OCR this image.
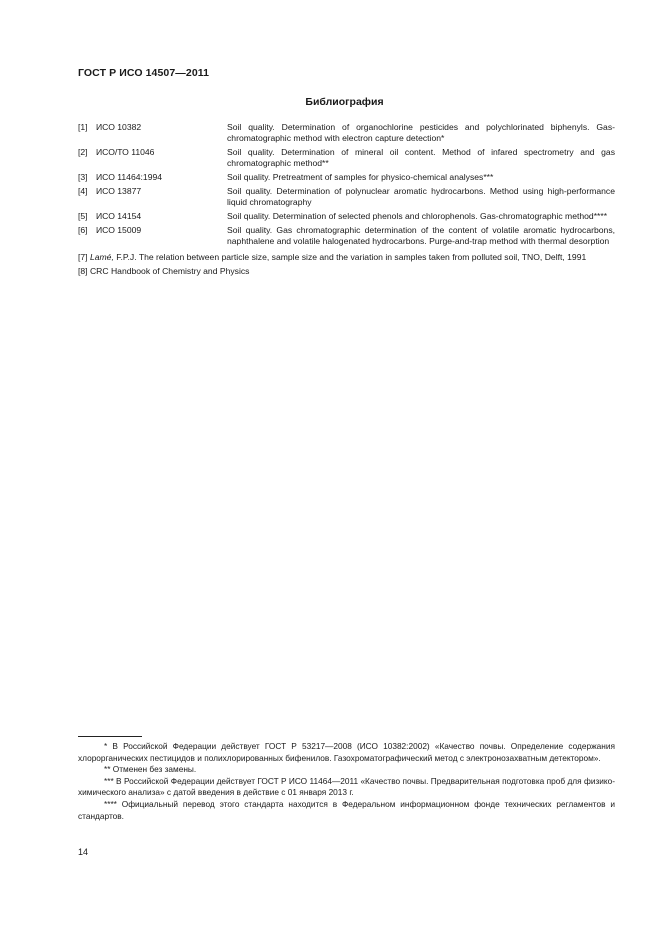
ГОСТ Р ИСО 14507—2011
Библиография
[1] ИСО 10382	Soil quality. Determination of organochlorine pesticides and polychlorinated biphenyls. Gas-chromatographic method with electron capture detection*
[2] ИСО/ТО 11046	Soil quality. Determination of mineral oil content. Method of infared spectrometry and gas chromatographic method**
[3] ИСО 11464:1994	Soil quality. Pretreatment of samples for physico-chemical analyses***
[4] ИСО 13877	Soil quality. Determination of polynuclear aromatic hydrocarbons. Method using high-performance liquid chromatography
[5] ИСО 14154	Soil quality. Determination of selected phenols and chlorophenols. Gas-chromatographic method****
[6] ИСО 15009	Soil quality. Gas chromatographic determination of the content of volatile aromatic hydrocarbons, naphthalene and volatile halogenated hydrocarbons. Purge-and-trap method with thermal desorption
[7] Lamé, F.P.J. The relation between particle size, sample size and the variation in samples taken from polluted soil, TNO, Delft, 1991
[8] CRC Handbook of Chemistry and Physics
* В Российской Федерации действует ГОСТ Р 53217—2008 (ИСО 10382:2002) «Качество почвы. Определение содержания хлорорганических пестицидов и полихлорированных бифенилов. Газохроматографический метод с электронозахватным детектором».
** Отменен без замены.
*** В Российской Федерации действует ГОСТ Р ИСО 11464—2011 «Качество почвы. Предварительная подготовка проб для физико-химического анализа» с датой введения в действие с 01 января 2013 г.
**** Официальный перевод этого стандарта находится в Федеральном информационном фонде технических регламентов и стандартов.
14
